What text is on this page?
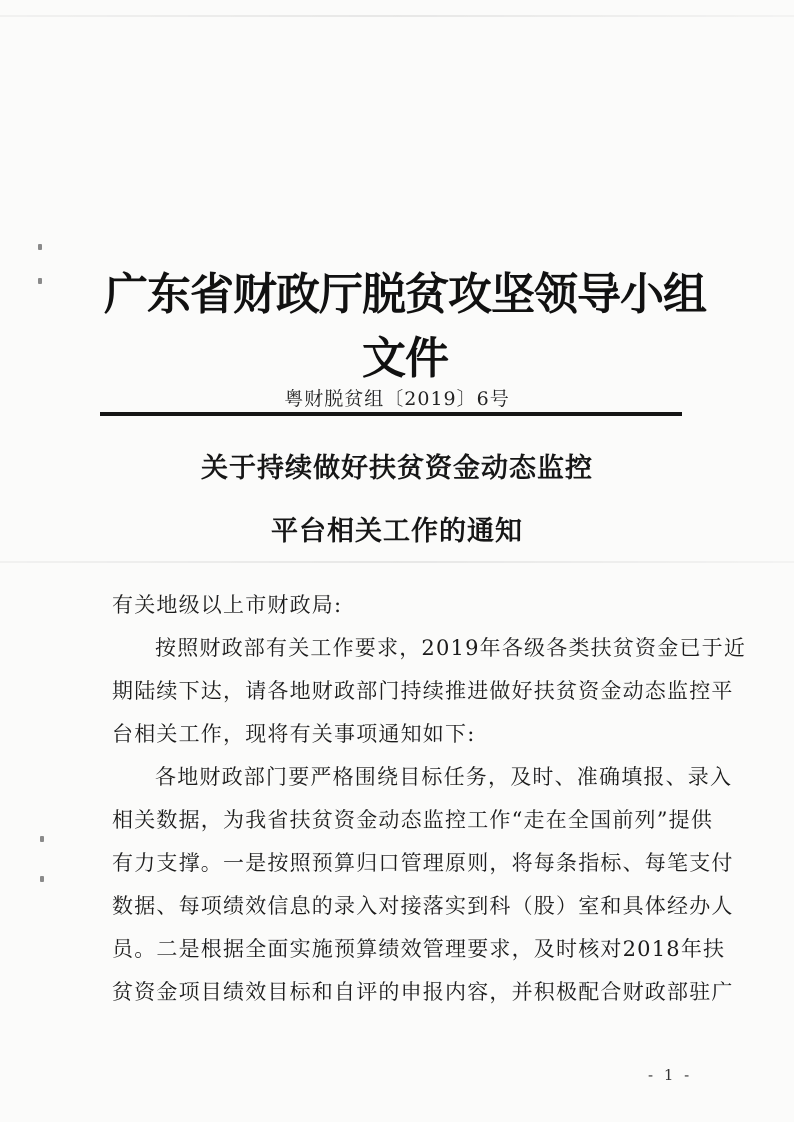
广东省财政厅脱贫攻坚领导小组文件
粤财脱贫组〔2019〕6号
关于持续做好扶贫资金动态监控
平台相关工作的通知
有关地级以上市财政局:
按照财政部有关工作要求，2019年各级各类扶贫资金已于近
期陆续下达，请各地财政部门持续推进做好扶贫资金动态监控平
台相关工作，现将有关事项通知如下:
各地财政部门要严格围绕目标任务，及时、准确填报、录入
相关数据，为我省扶贫资金动态监控工作“走在全国前列”提供
有力支撑。一是按照预算归口管理原则，将每条指标、每笔支付
数据、每项绩效信息的录入对接落实到科（股）室和具体经办人
员。二是根据全面实施预算绩效管理要求，及时核对2018年扶
贫资金项目绩效目标和自评的申报内容，并积极配合财政部驻广
- 1 -
